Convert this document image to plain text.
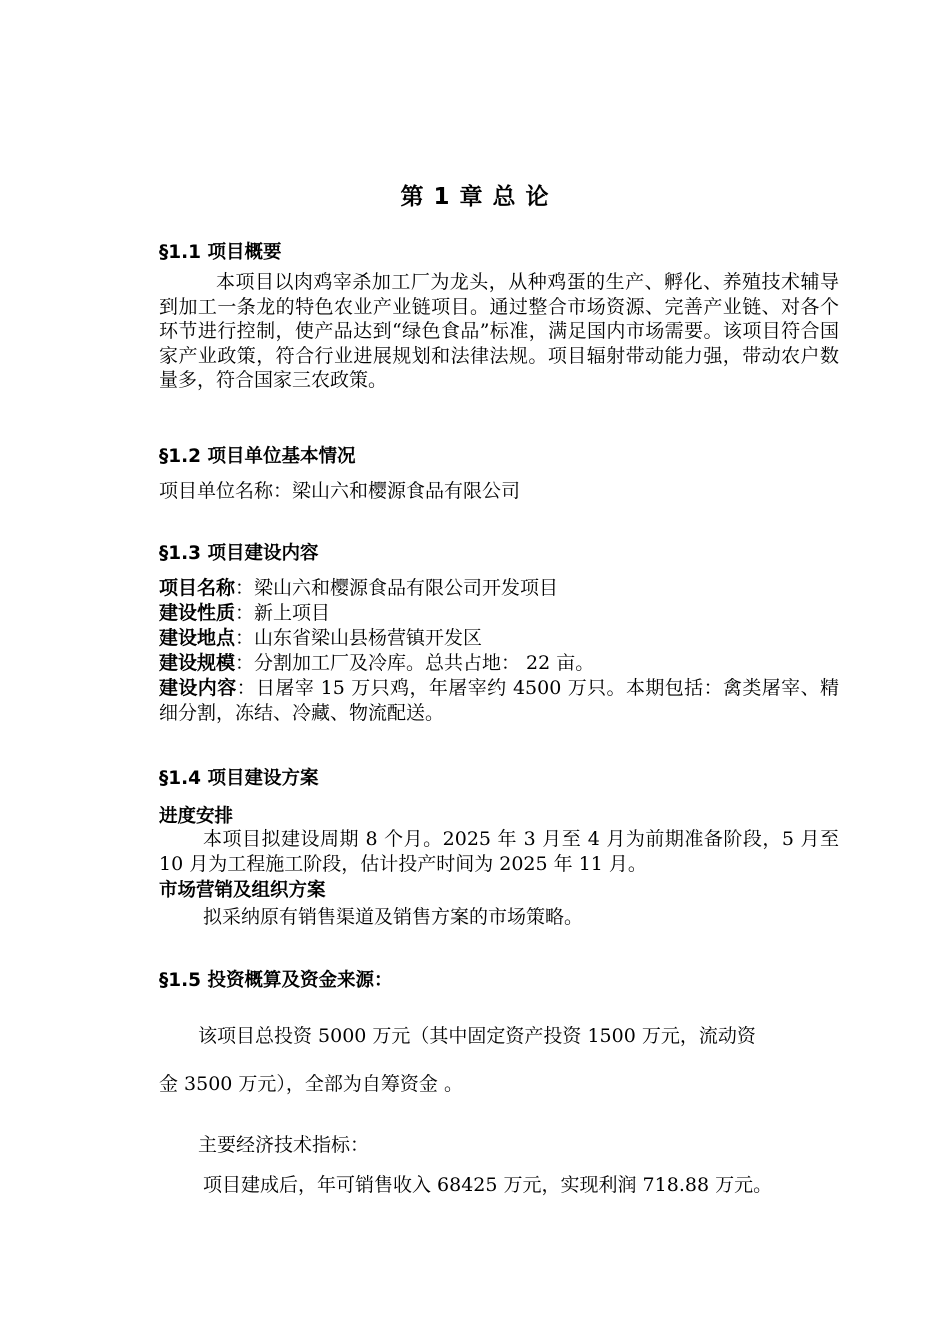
第 1 章 总 论
§1.1 项目概要

本项目以肉鸡宰杀加工厂为龙头，从种鸡蛋的生产、孵化、养殖技术辅导到加工一条龙的特色农业产业链项目。通过整合市场资源、完善产业链、对各个环节进行控制，使产品达到“绿色食品”标准，满足国内市场需要。该项目符合国家产业政策，符合行业进展规划和法律法规。项目辐射带动能力强，带动农户数量多，符合国家三农政策。

§1.2 项目单位基本情况
项目单位名称：梁山六和樱源食品有限公司
§1.3 项目建设内容

项目名称：梁山六和樱源食品有限公司开发项目

建设性质：新上项目

建设地点：山东省梁山县杨营镇开发区

建设规模：分割加工厂及冷库。总共占地： 22 亩。

建设内容：日屠宰 15 万只鸡，年屠宰约 4500 万只。本期包括：禽类屠宰、精细分割，冻结、冷藏、物流配送。

§1.4 项目建设方案
进度安排

本项目拟建设周期 8 个月。2025 年 3 月至 4 月为前期准备阶段，5 月至 10 月为工程施工阶段，估计投产时间为 2025 年 11 月。

市场营销及组织方案
拟采纳原有销售渠道及销售方案的市场策略。
§1.5 投资概算及资金来源：
该项目总投资 5000 万元（其中固定资产投资 1500 万元，流动资
金 3500 万元），全部为自筹资金 。
主要经济技术指标：
项目建成后，年可销售收入 68425 万元，实现利润 718.88 万元。
